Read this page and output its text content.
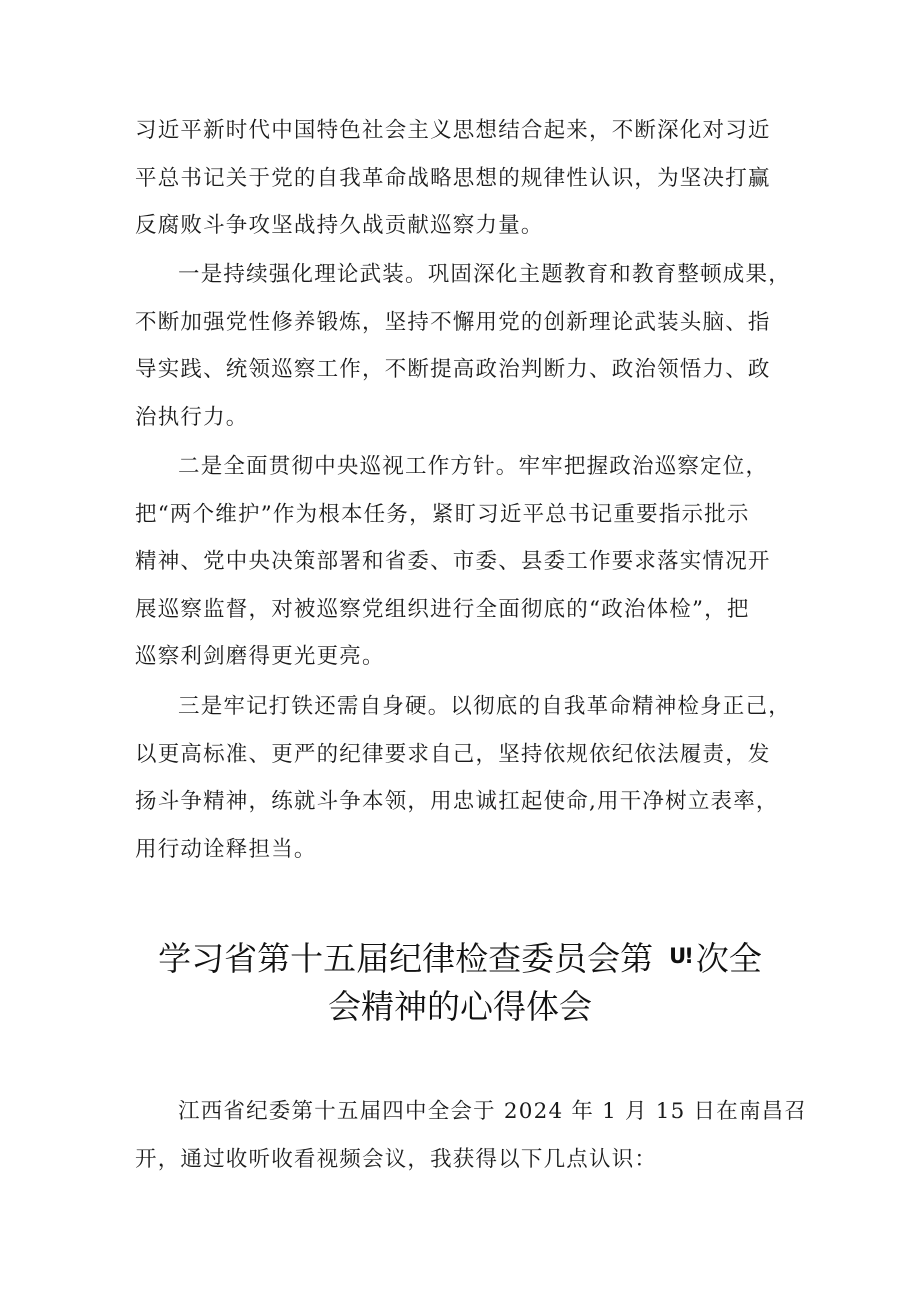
习近平新时代中国特色社会主义思想结合起来，不断深化对习近
平总书记关于党的自我革命战略思想的规律性认识，为坚决打赢
反腐败斗争攻坚战持久战贡献巡察力量。

一是持续强化理论武装。巩固深化主题教育和教育整顿成果，
不断加强党性修养锻炼，坚持不懈用党的创新理论武装头脑、指
导实践、统领巡察工作，不断提高政治判断力、政治领悟力、政
治执行力。

二是全面贯彻中央巡视工作方针。牢牢把握政治巡察定位，
把“两个维护”作为根本任务，紧盯习近平总书记重要指示批示
精神、党中央决策部署和省委、市委、县委工作要求落实情况开
展巡察监督，对被巡察党组织进行全面彻底的“政治体检”，把
巡察利剑磨得更光更亮。

三是牢记打铁还需自身硬。以彻底的自我革命精神检身正己，
以更高标准、更严的纪律要求自己，坚持依规依纪依法履责，发
扬斗争精神，练就斗争本领，用忠诚扛起使命,用干净树立表率，
用行动诠释担当。

学习省第十五届纪律检查委员会第 U! 次全
会精神的心得体会

江西省纪委第十五届四中全会于 2024 年 1 月 15 日在南昌召
开，通过收听收看视频会议，我获得以下几点认识：
